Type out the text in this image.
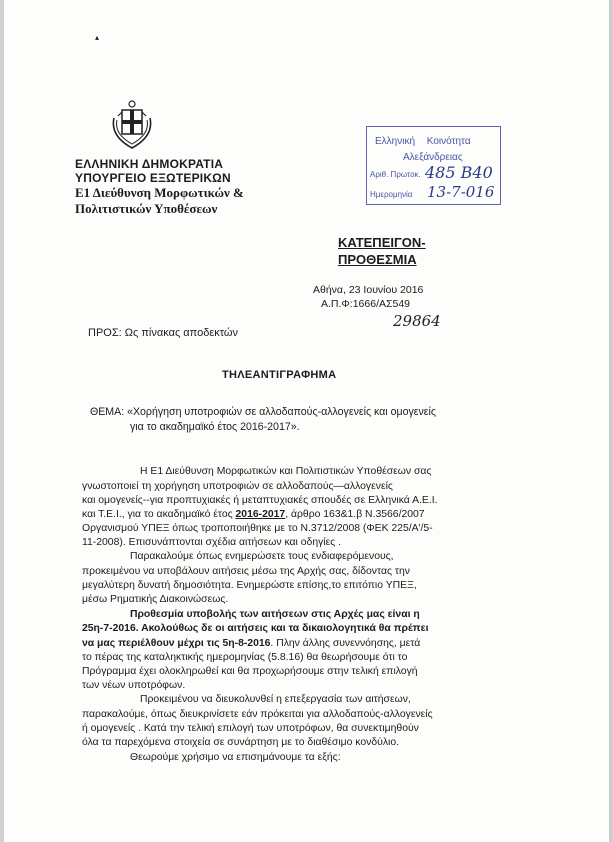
▴
ΕΛΛΗΝΙΚΗ ΔΗΜΟΚΡΑΤΙΑ
ΥΠΟΥΡΓΕΙΟ ΕΞΩΤΕΡΙΚΩΝ
Ε1 Διεύθυνση Μορφωτικών &
Πολιτιστικών Υποθέσεων
Ελληνική Κοινότητα
Αλεξάνδρειας
Αριθ. Πρωτοκ. 485 Β40
Ημερομηνία 13-7-016
ΚΑΤΕΠΕΙΓΟΝ-
ΠΡΟΘΕΣΜΙΑ
Αθήνα, 23 Ιουνίου 2016
Α.Π.Φ:1666/ΑΣ549
29864
ΠΡΟΣ: Ως πίνακας αποδεκτών
ΤΗΛΕΑΝΤΙΓΡΑΦΗΜΑ
ΘΕΜΑ: «Χορήγηση υποτροφιών σε αλλοδαπούς-αλλογενείς και ομογενείς
για το ακαδημαϊκό έτος 2016-2017».
Η Ε1 Διεύθυνση Μορφωτικών και Πολιτιστικών Υποθέσεων σας
γνωστοποιεί τη χορήγηση υποτροφιών σε αλλοδαπούς—αλλογενείς
και ομογενείς--για προπτυχιακές ή μεταπτυχιακές σπουδές σε Ελληνικά Α.Ε.Ι.
και Τ.Ε.Ι., για το ακαδημαϊκό έτος 2016-2017, άρθρο 163&1.β Ν.3566/2007
Οργανισμού ΥΠΕΞ όπως τροποποιήθηκε με το Ν.3712/2008 (ΦΕΚ 225/Α'/5-
11-2008). Επισυνάπτονται σχέδια αιτήσεων και οδηγίες .
Παρακαλούμε όπως ενημερώσετε τους ενδιαφερόμενους,
προκειμένου να υποβάλουν αιτήσεις μέσω της Αρχής σας, δίδοντας την
μεγαλύτερη δυνατή δημοσιότητα. Ενημερώστε επίσης,το επιτόπιο ΥΠΕΞ,
μέσω Ρηματικής Διακοινώσεως.
Προθεσμία υποβολής των αιτήσεων στις Αρχές μας είναι η
25η-7-2016. Ακολούθως δε οι αιτήσεις και τα δικαιολογητικά θα πρέπει
να μας περιέλθουν μέχρι τις 5η-8-2016. Πλην άλλης συνεννόησης, μετά
το πέρας της καταληκτικής ημερομηνίας (5.8.16) θα θεωρήσουμε ότι το
Πρόγραμμα έχει ολοκληρωθεί και θα προχωρήσουμε στην τελική επιλογή
των νέων υποτρόφων.
Προκειμένου να διευκολυνθεί η επεξεργασία των αιτήσεων,
παρακαλούμε, όπως διευκρινίσετε εάν πρόκειται για αλλοδαπούς-αλλογενείς
ή ομογενείς . Κατά την τελική επιλογή των υποτρόφων, θα συνεκτιμηθούν
όλα τα παρεχόμενα στοιχεία σε συνάρτηση με το διαθέσιμο κονδύλιο.
Θεωρούμε χρήσιμο να επισημάνουμε τα εξής:
